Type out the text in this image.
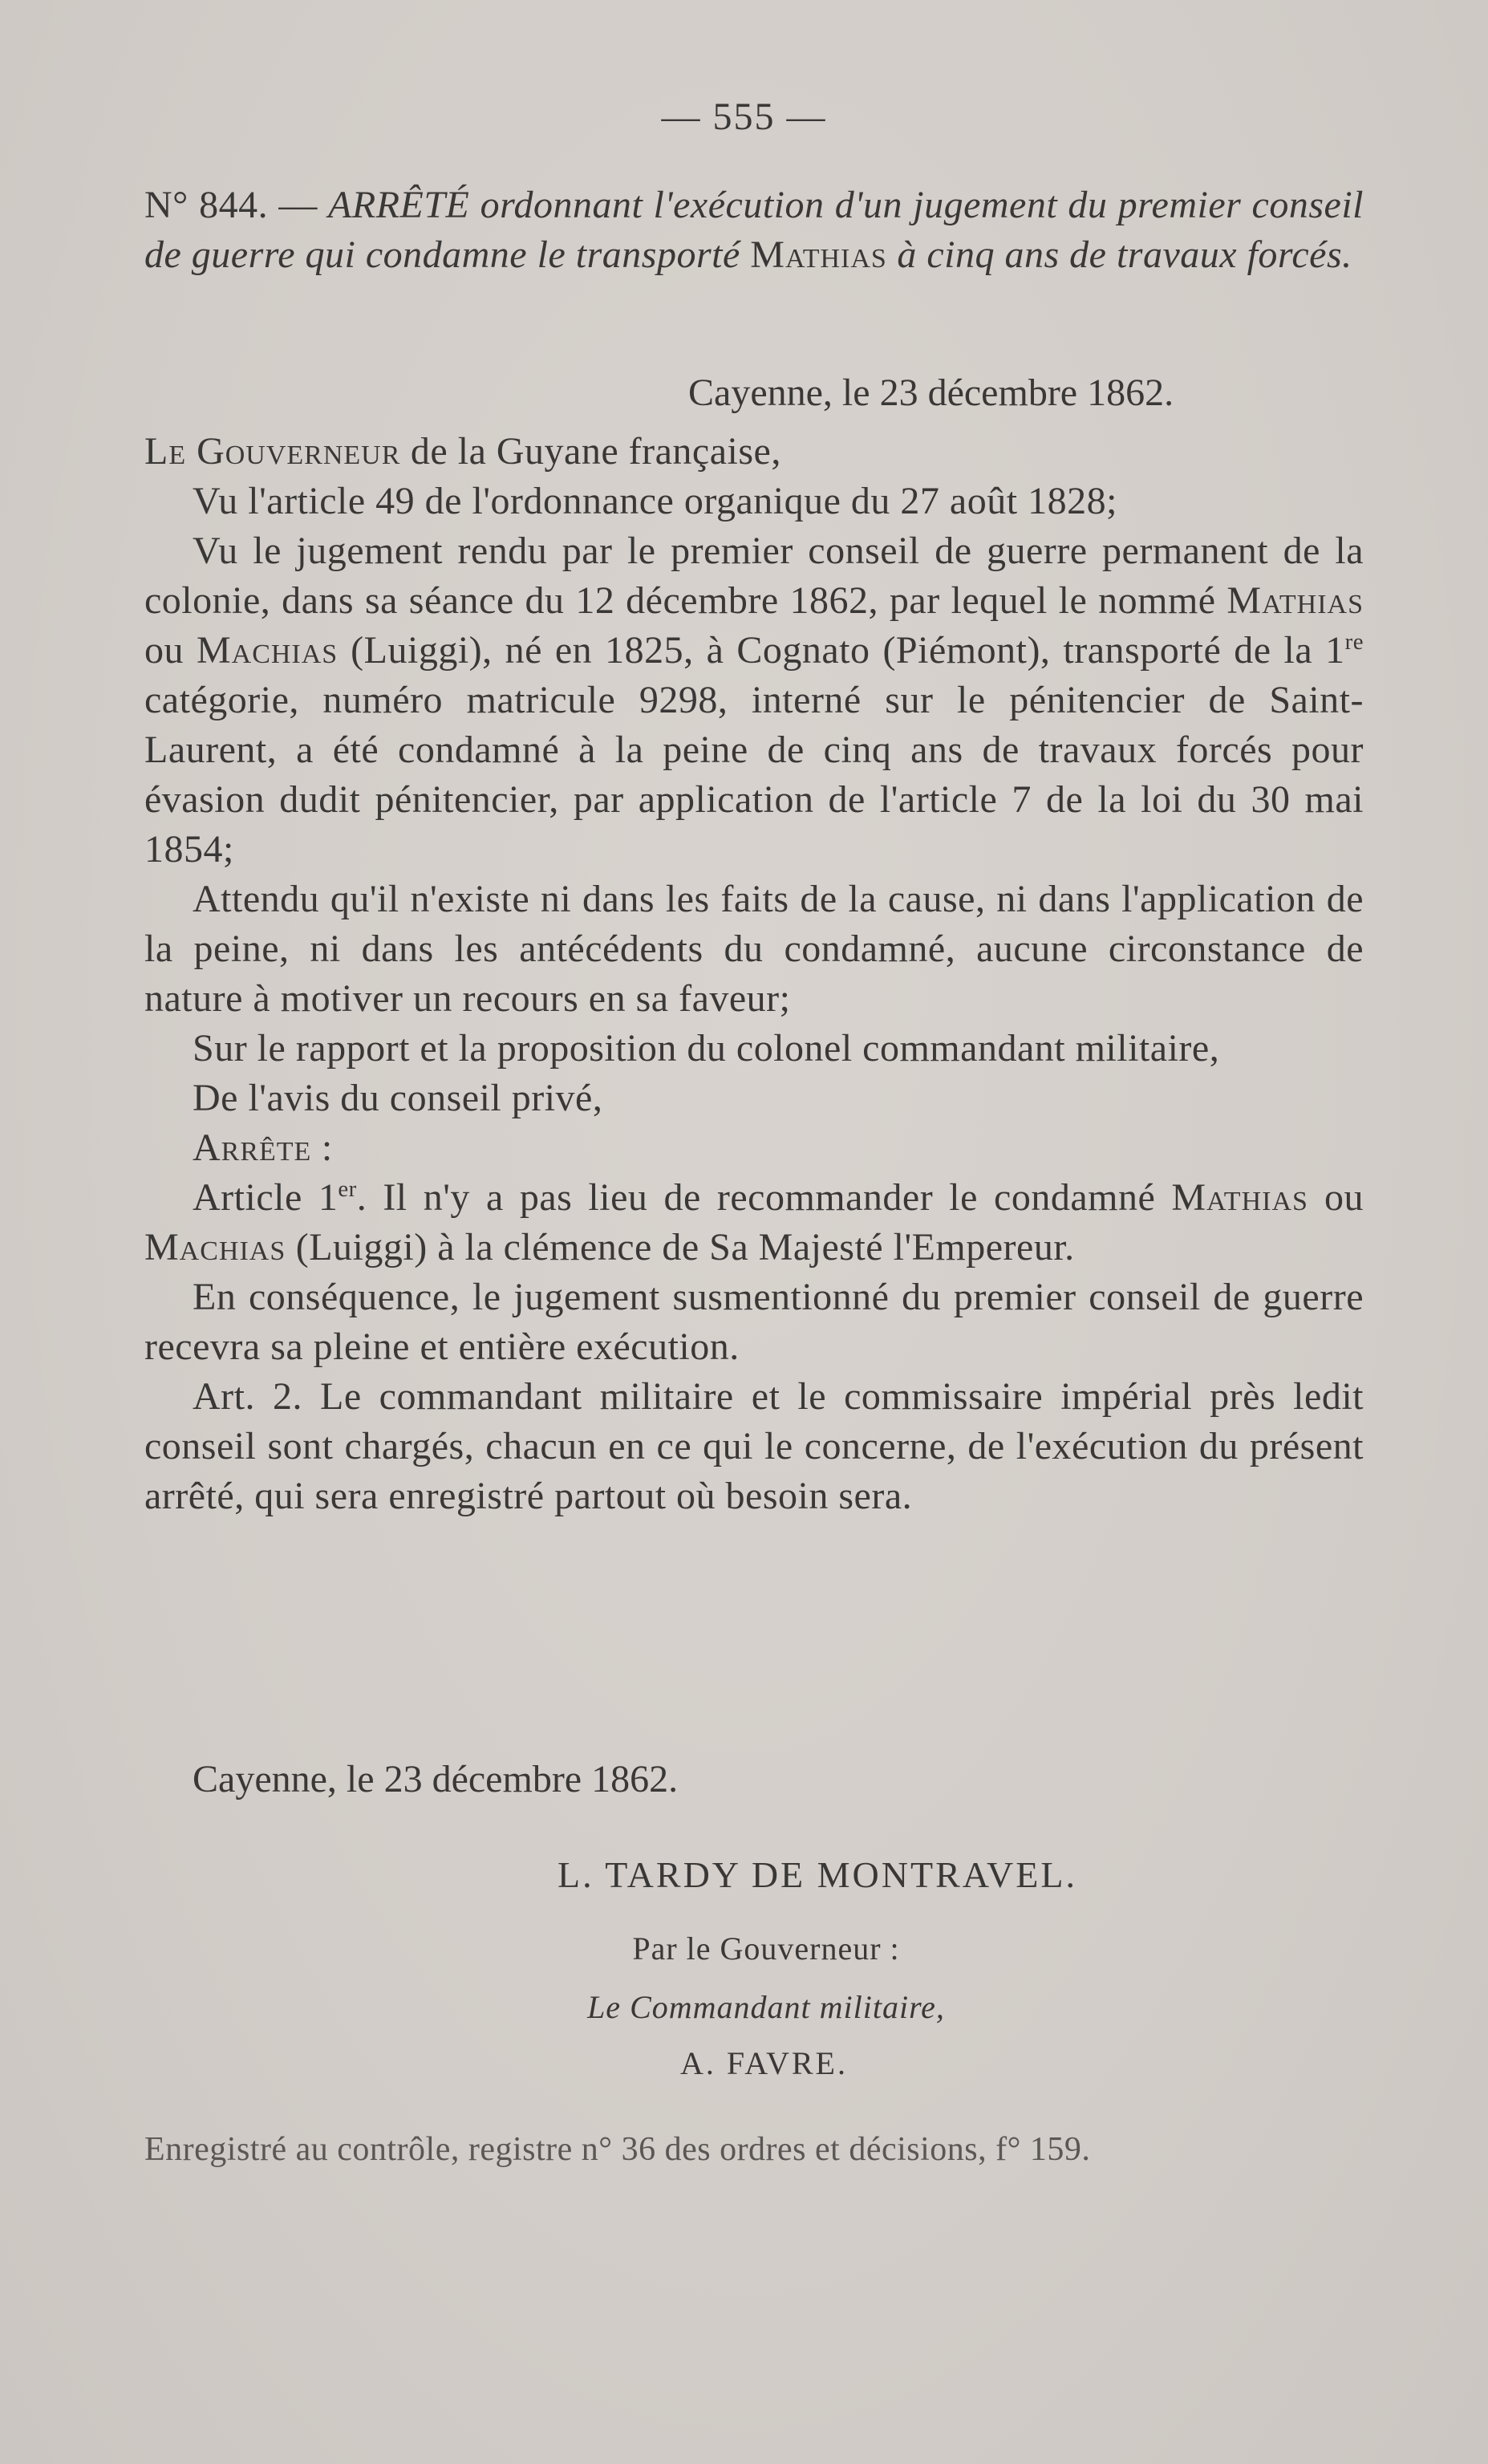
— 555 —
N° 844. — ARRÊTÉ ordonnant l'exécution d'un jugement du premier conseil de guerre qui condamne le transporté Mathias à cinq ans de travaux forcés.
Cayenne, le 23 décembre 1862.

Le Gouverneur de la Guyane française,

Vu l'article 49 de l'ordonnance organique du 27 août 1828;

Vu le jugement rendu par le premier conseil de guerre permanent de la colonie, dans sa séance du 12 décembre 1862, par lequel le nommé Mathias ou Machias (Luiggi), né en 1825, à Cognato (Piémont), transporté de la 1re catégorie, numéro matricule 9298, interné sur le pénitencier de Saint-Laurent, a été condamné à la peine de cinq ans de travaux forcés pour évasion dudit pénitencier, par application de l'article 7 de la loi du 30 mai 1854;

Attendu qu'il n'existe ni dans les faits de la cause, ni dans l'application de la peine, ni dans les antécédents du condamné, aucune circonstance de nature à motiver un recours en sa faveur;

Sur le rapport et la proposition du colonel commandant militaire,

De l'avis du conseil privé,

Arrête :

Article 1er. Il n'y a pas lieu de recommander le condamné Mathias ou Machias (Luiggi) à la clémence de Sa Majesté l'Empereur.

En conséquence, le jugement susmentionné du premier conseil de guerre recevra sa pleine et entière exécution.

Art. 2. Le commandant militaire et le commissaire impérial près ledit conseil sont chargés, chacun en ce qui le concerne, de l'exécution du présent arrêté, qui sera enregistré partout où besoin sera.

Cayenne, le 23 décembre 1862.
L. TARDY DE MONTRAVEL.
Par le Gouverneur :
Le Commandant militaire,
A. FAVRE.
Enregistré au contrôle, registre n° 36 des ordres et décisions, f° 159.
